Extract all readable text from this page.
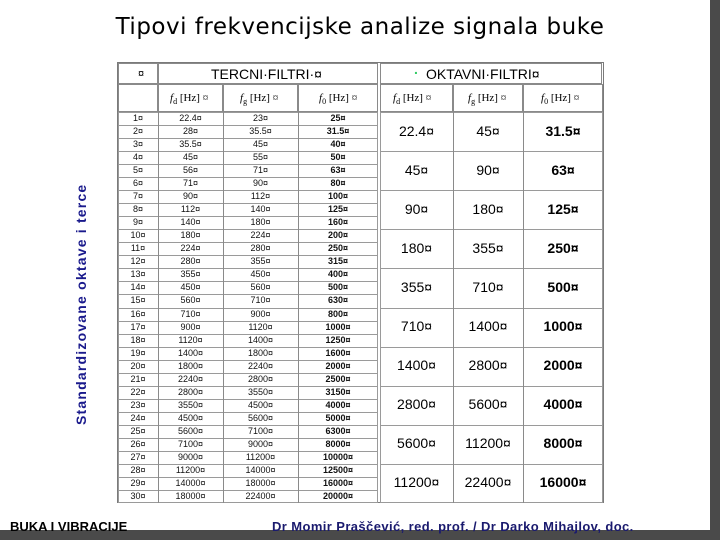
Tipovi frekvencijske analize signala buke
Standardizovane oktave i terce
¤	TERCNI·FILTRI·¤	. OKTAVNI·FILTRI¤
$f_d$ [Hz] ¤	$f_g$ [Hz] ¤	$f_0$ [Hz] ¤	$f_d$ [Hz] ¤	$f_g$ [Hz] ¤	$f_0$ [Hz] ¤
1¤	22.4¤	23¤	25¤
2¤	28¤	35.5¤	31.5¤
3¤	35.5¤	45¤	40¤
4¤	45¤	55¤	50¤
5¤	56¤	71¤	63¤
6¤	71¤	90¤	80¤
7¤	90¤	112¤	100¤
8¤	112¤	140¤	125¤
9¤	140¤	180¤	160¤
10¤	180¤	224¤	200¤
11¤	224¤	280¤	250¤
12¤	280¤	355¤	315¤
13¤	355¤	450¤	400¤
14¤	450¤	560¤	500¤
15¤	560¤	710¤	630¤
16¤	710¤	900¤	800¤
17¤	900¤	1120¤	1000¤
18¤	1120¤	1400¤	1250¤
19¤	1400¤	1800¤	1600¤
20¤	1800¤	2240¤	2000¤
21¤	2240¤	2800¤	2500¤
22¤	2800¤	3550¤	3150¤
23¤	3550¤	4500¤	4000¤
24¤	4500¤	5600¤	5000¤
25¤	5600¤	7100¤	6300¤
26¤	7100¤	9000¤	8000¤
27¤	9000¤	11200¤	10000¤
28¤	11200¤	14000¤	12500¤
29¤	14000¤	18000¤	16000¤
30¤	18000¤	22400¤	20000¤
22.4¤	45¤	31.5¤
45¤	90¤	63¤
90¤	180¤	125¤
180¤	355¤	250¤
355¤	710¤	500¤
710¤	1400¤	1000¤
1400¤	2800¤	2000¤
2800¤	5600¤	4000¤
5600¤	11200¤	8000¤
11200¤	22400¤	16000¤
BUKA I VIBRACIJE	Dr Momir Praščević, red. prof. / Dr Darko Mihajlov, doc.
